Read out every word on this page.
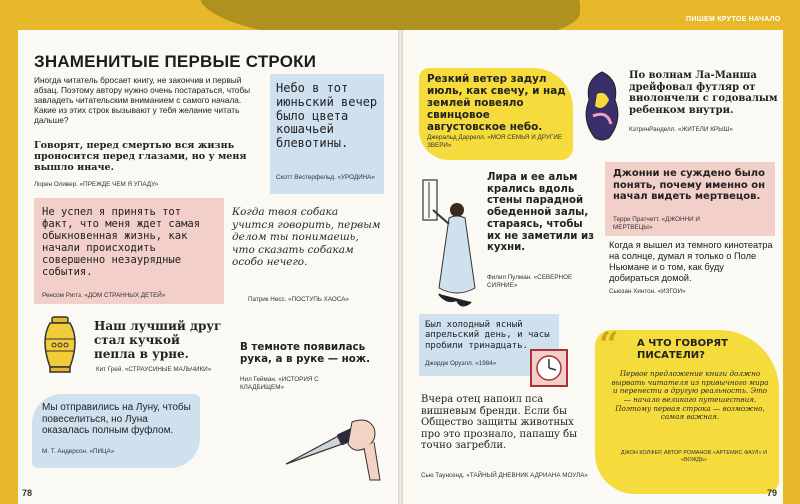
ПИШЕМ КРУТОЕ НАЧАЛО
ЗНАМЕНИТЫЕ ПЕРВЫЕ СТРОКИ
Иногда читатель бросает книгу, не закончив и первый абзац. Поэтому автору нужно очень постараться, чтобы завладеть читательским вниманием с самого начала. Какие из этих строк вызывают у тебя желание читать дальше?
Говорят, перед смертью вся жизнь проносится перед глазами, но у меня вышло иначе.
Лорен Оливер. «ПРЕЖДЕ ЧЕМ Я УПАДУ»
Небо в тот июньский вечер было цвета кошачьей блевотины.
Скотт Вестерфельд. «УРОДИНА»
Не успел я принять тот факт, что меня ждет самая обыкновенная жизнь, как начали происходить совершенно незаурядные события.
Ренсом Риггз. «ДОМ СТРАННЫХ ДЕТЕЙ»
Когда твоя собака учится говорить, первым делом ты понимаешь, что сказать собакам особо нечего.
Патрик Несс. «ПОСТУПЬ ХАОСА»
Наш лучший друг стал кучкой пепла в урне.
Кит Грей. «СТРАУСИНЫЕ МАЛЬЧИКИ»
В темноте появилась рука, а в руке — нож.
Нил Гейман. «ИСТОРИЯ С КЛАДБИЩЕМ»
Мы отправились на Луну, чтобы повеселиться, но Луна оказалась полным фуфлом.
М. Т. Андерсон. «ПИЦА»
78
Резкий ветер задул июль, как свечу, и над землей повеяло свинцовое августовское небо.
Джеральд Даррелл. «МОЯ СЕМЬЯ И ДРУГИЕ ЗВЕРИ»
По волнам Ла-Манша дрейфовал футляр от виолончели с годовалым ребенком внутри.
КэтринРанделл. «ЖИТЕЛИ КРЫШ»
Лира и ее альм крались вдоль стены парадной обеденной залы, стараясь, чтобы их не заметили из кухни.
Филип Пулман. «СЕВЕРНОЕ СИЯНИЕ»
Джонни не суждено было понять, почему именно он начал видеть мертвецов.
Терри Пратчетт. «ДЖОННИ И МЕРТВЕЦЫ»
Когда я вышел из темного кинотеатра на солнце, думал я только о Поле Ньюмане и о том, как буду добираться домой.
Сьюзан Хинтон. «ИЗГОИ»
Был холодный ясный апрельский день, и часы пробили тринадцать.
Джордж Оруэлл. «1984»
Вчера отец напоил пса вишневым бренди. Если бы Общество защиты животных про это прознало, папашу бы точно загребли.
Сью Таунсенд. «ТАЙНЫЙ ДНЕВНИК АДРИАНА МОУЛА»
“ А ЧТО ГОВОРЯТ ПИСАТЕЛИ?
Первое предложение книги должно вырвать читателя из привычного мира и перенести в другую реальность. Это — начало великого путешествия. Поэтому первая строка — возможно, самая важная.
ДЖОН КОЛФЕР, АВТОР РОМАНОВ «АРТЕМИС ФАУЛ» И «ВОЖДЬ»
79
